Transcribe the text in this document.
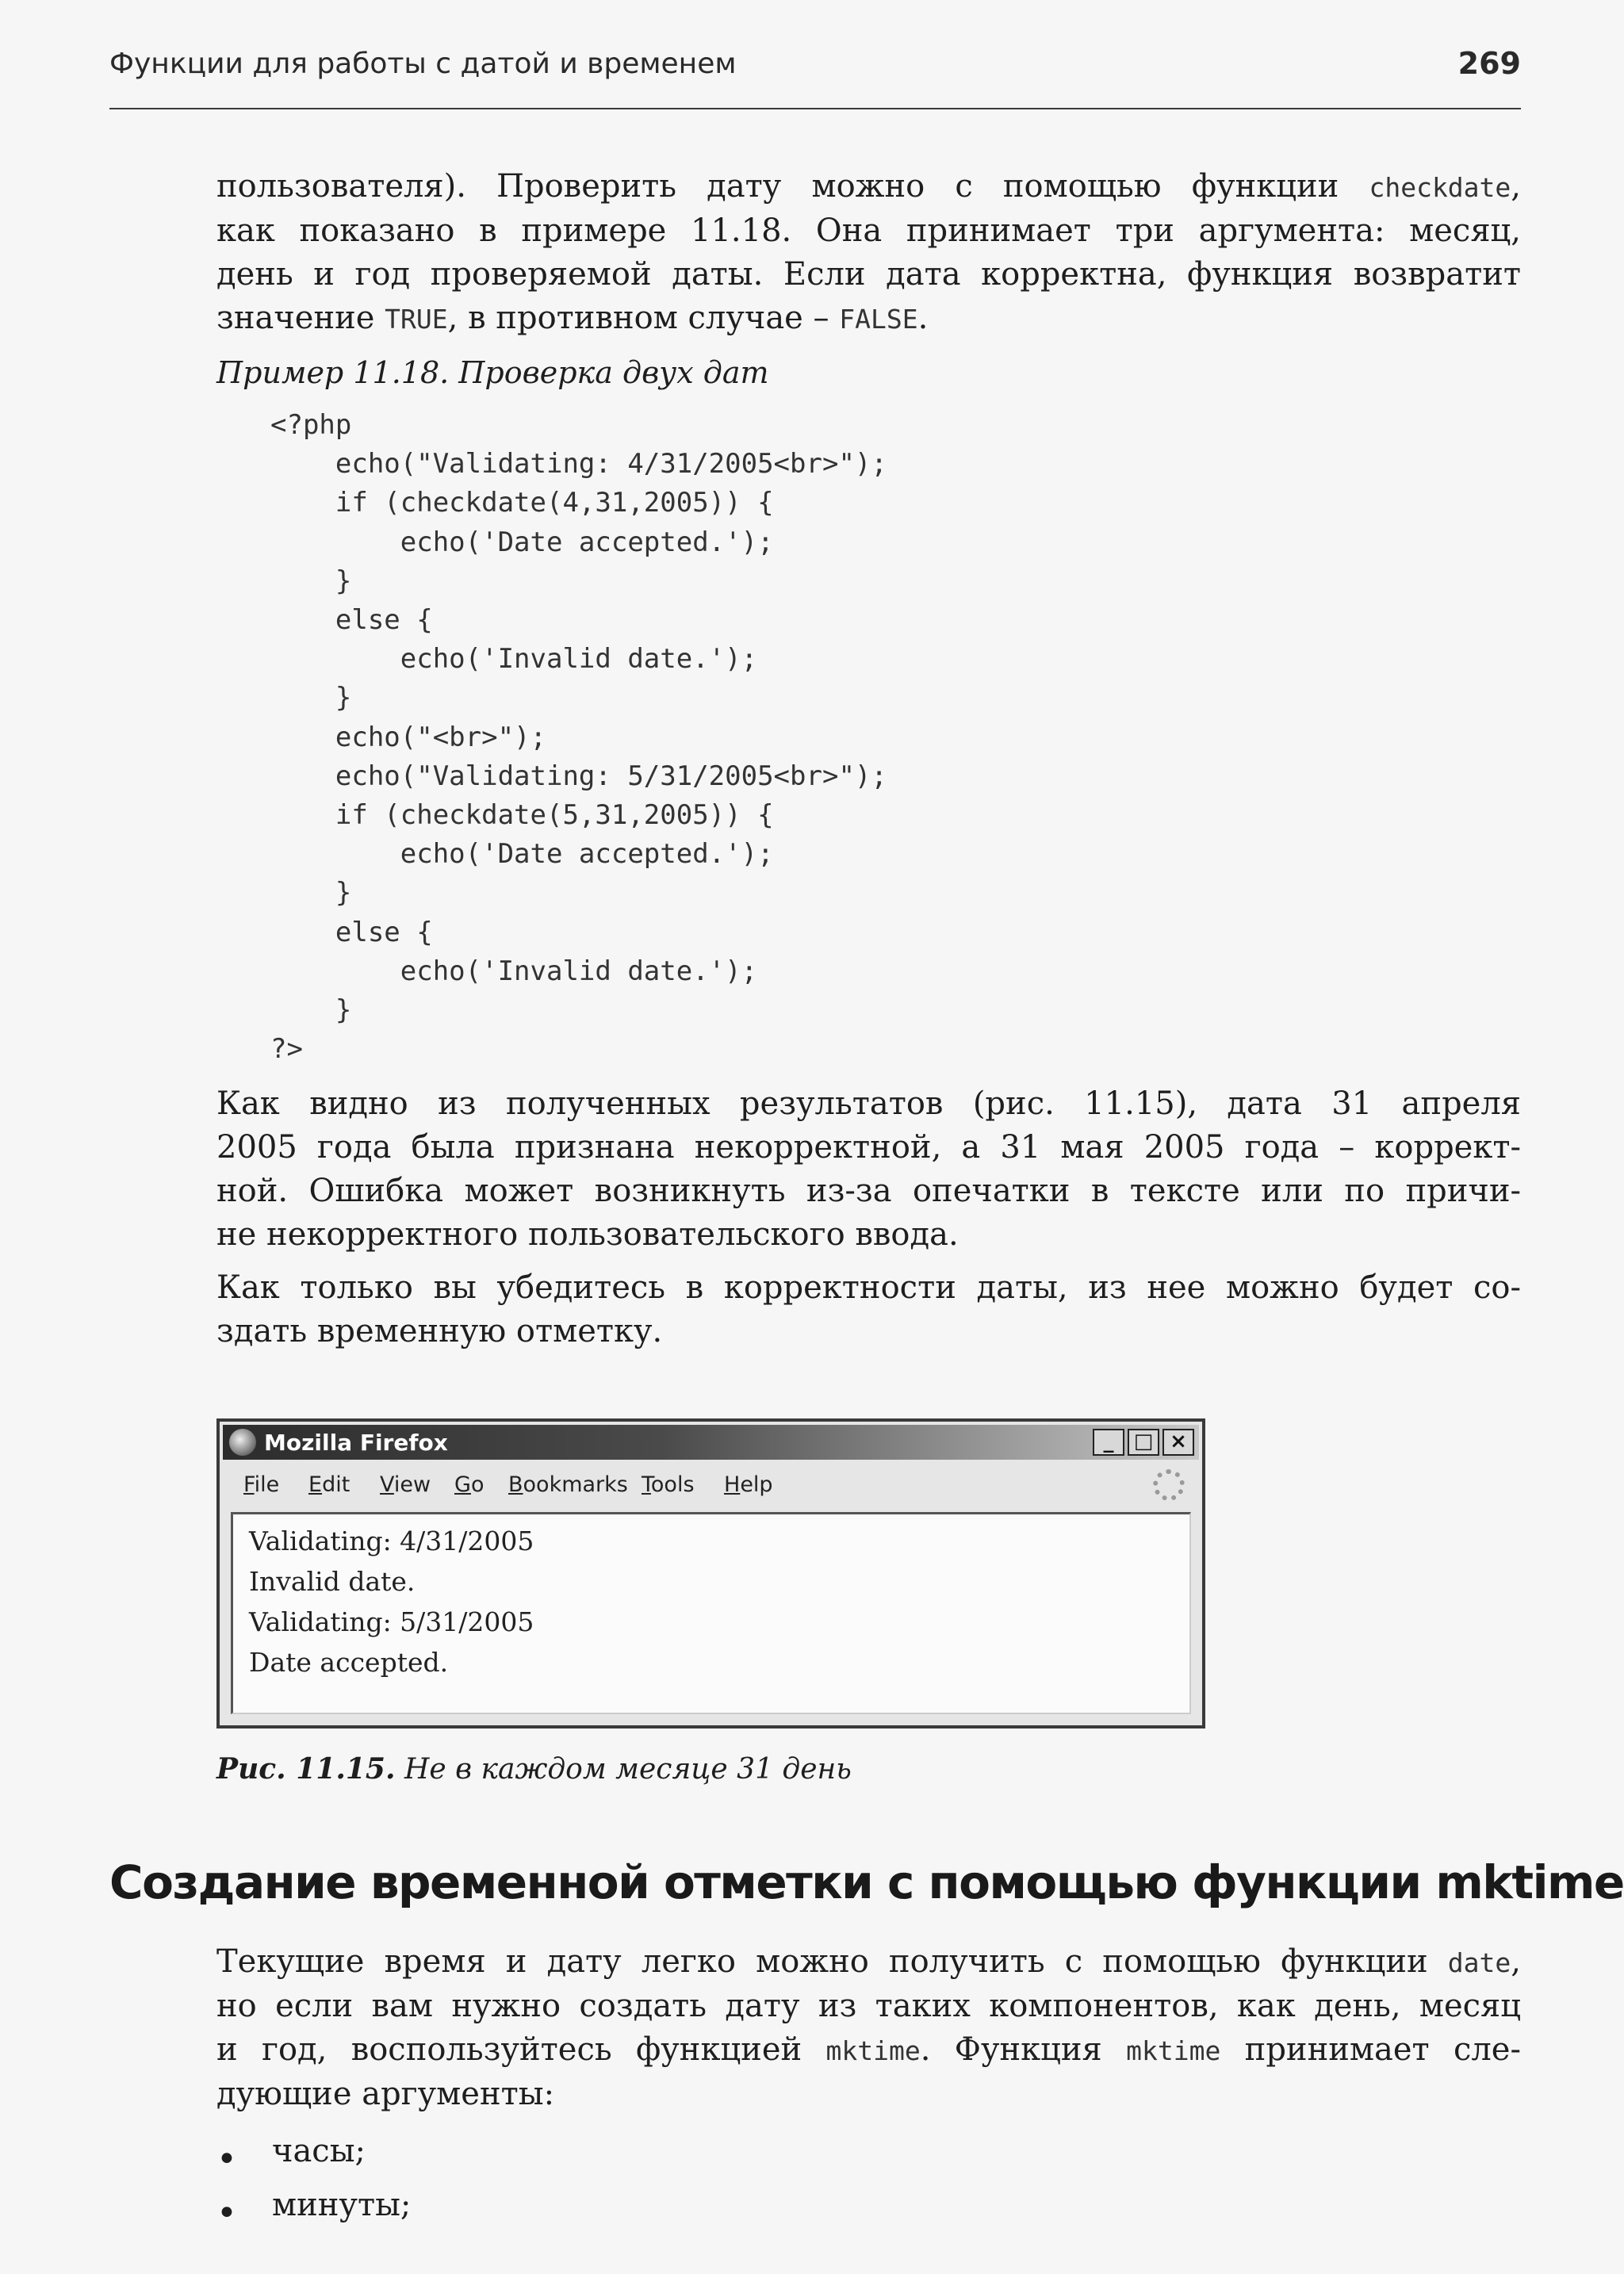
Функции для работы с датой и временем	269

пользователя). Проверить дату можно с помощью функции checkdate,

как показано в примере 11.18. Она принимает три аргумента: месяц,

день и год проверяемой даты. Если дата корректна, функция возвратит

значение TRUE, в противном случае – FALSE.

Пример 11.18. Проверка двух дат
<?php
echo("Validating: 4/31/2005<br>");
if (checkdate(4,31,2005)) {
echo('Date accepted.');
}
else {
echo('Invalid date.');
}
echo("<br>");
echo("Validating: 5/31/2005<br>");
if (checkdate(5,31,2005)) {
echo('Date accepted.');
}
else {
echo('Invalid date.');
}
?>

Как видно из полученных результатов (рис. 11.15), дата 31 апреля

2005 года была признана некорректной, а 31 мая 2005 года – коррект-

ной. Ошибка может возникнуть из-за опечатки в тексте или по причи-

не некорректного пользовательского ввода.

Как только вы убедитесь в корректности даты, из нее можно будет со-

здать временную отметку.

Mozilla Firefox	_ □ ×
File Edit View Go Bookmarks Tools Help
Validating: 4/31/2005
Invalid date.
Validating: 5/31/2005
Date accepted.
Рис. 11.15. Не в каждом месяце 31 день
Создание временной отметки с помощью функции mktime

Текущие время и дату легко можно получить с помощью функции date,

но если вам нужно создать дату из таких компонентов, как день, месяц

и год, воспользуйтесь функцией mktime. Функция mktime принимает сле-

дующие аргументы:

• часы;
• минуты;
